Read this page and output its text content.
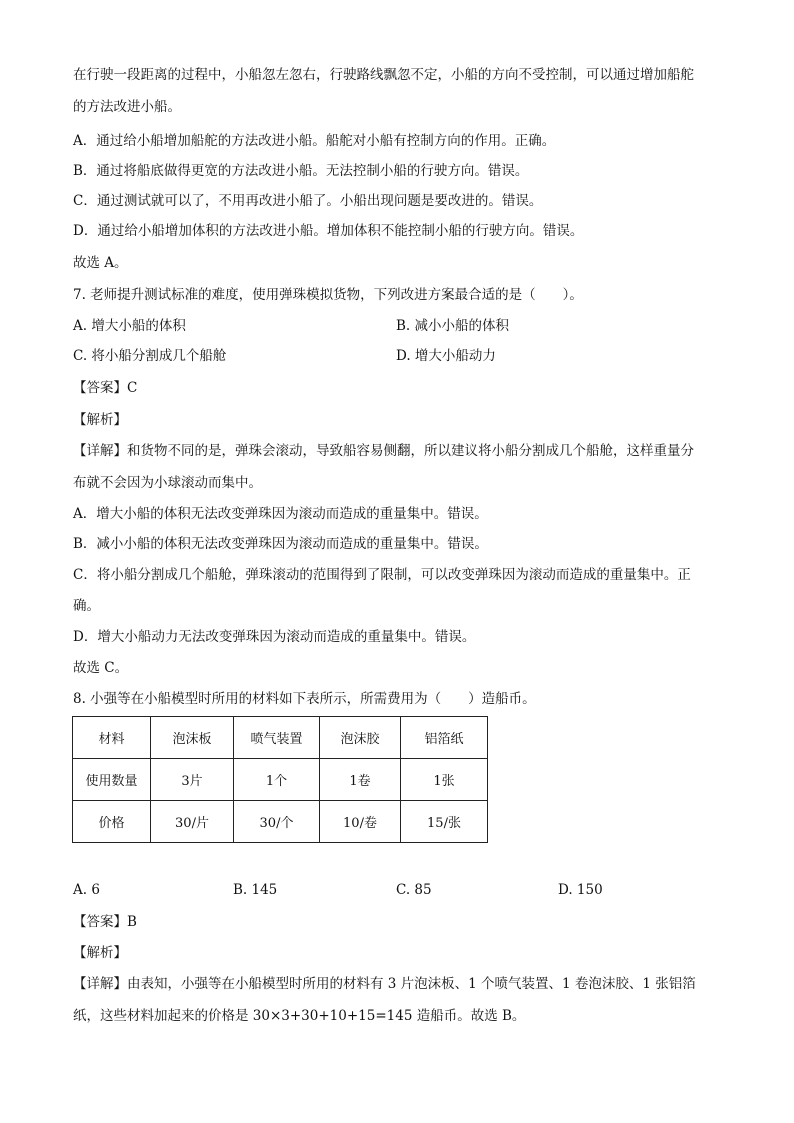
在行驶一段距离的过程中，小船忽左忽右，行驶路线飘忽不定，小船的方向不受控制，可以通过增加船舵
的方法改进小船。
A．通过给小船增加船舵的方法改进小船。船舵对小船有控制方向的作用。正确。
B．通过将船底做得更宽的方法改进小船。无法控制小船的行驶方向。错误。
C．通过测试就可以了，不用再改进小船了。小船出现问题是要改进的。错误。
D．通过给小船增加体积的方法改进小船。增加体积不能控制小船的行驶方向。错误。
故选 A。
7. 老师提升测试标准的难度，使用弹珠模拟货物，下列改进方案最合适的是（　　）。
A. 增大小船的体积	B. 减小小船的体积
C. 将小船分割成几个船舱	D. 增大小船动力
【答案】C
【解析】
【详解】和货物不同的是，弹珠会滚动，导致船容易侧翻，所以建议将小船分割成几个船舱，这样重量分
布就不会因为小球滚动而集中。
A．增大小船的体积无法改变弹珠因为滚动而造成的重量集中。错误。
B．减小小船的体积无法改变弹珠因为滚动而造成的重量集中。错误。
C．将小船分割成几个船舱，弹珠滚动的范围得到了限制，可以改变弹珠因为滚动而造成的重量集中。正
确。
D．增大小船动力无法改变弹珠因为滚动而造成的重量集中。错误。
故选 C。
8. 小强等在小船模型时所用的材料如下表所示，所需费用为（　　）造船币。
材料	泡沫板	喷气装置	泡沫胶	铝箔纸
使用数量	3片	1个	1卷	1张
价格	30/片	30/个	10/卷	15/张
A. 6	B. 145	C. 85	D. 150
【答案】B
【解析】
【详解】由表知，小强等在小船模型时所用的材料有 3 片泡沫板、1 个喷气装置、1 卷泡沫胶、1 张铝箔
纸，这些材料加起来的价格是 30×3+30+10+15=145 造船币。故选 B。
